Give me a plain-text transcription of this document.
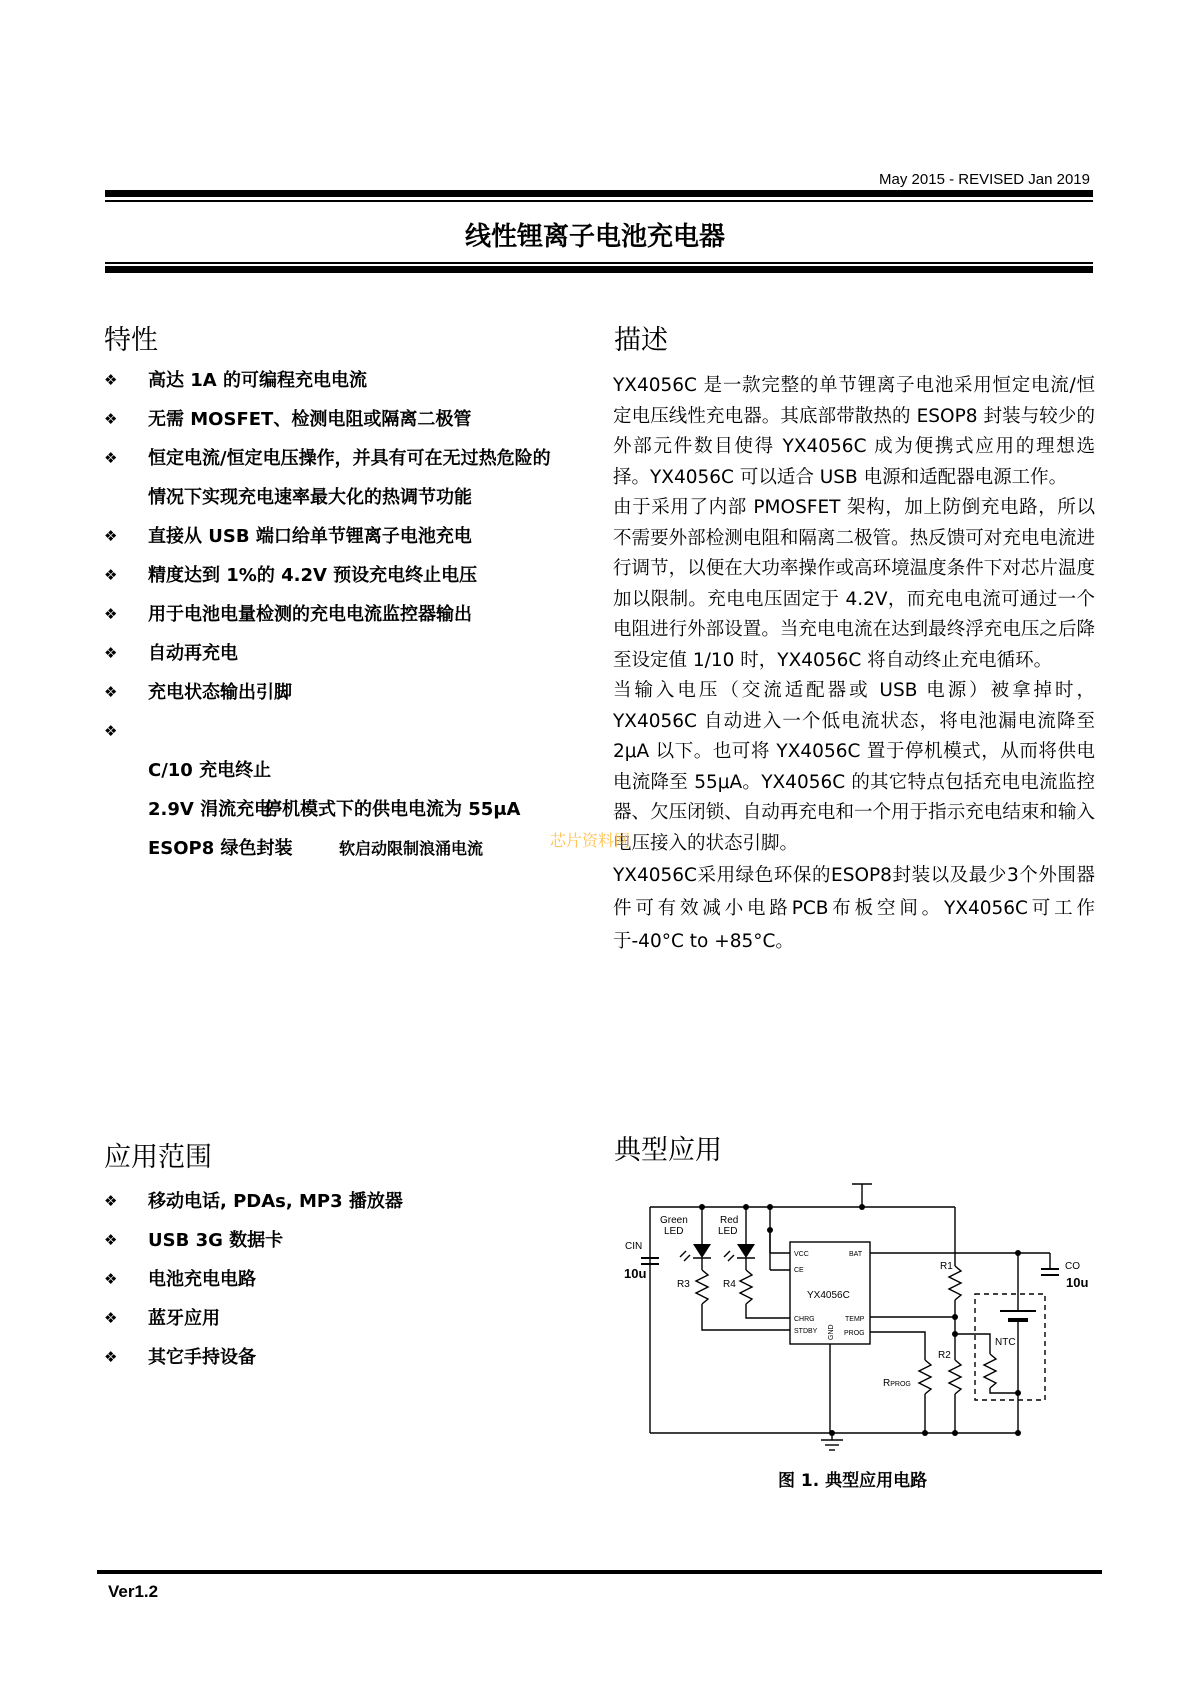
May 2015 - REVISED Jan 2019
线性锂离子电池充电器
特性
❖ 高达 1A 的可编程充电电流
❖ 无需 MOSFET、检测电阻或隔离二极管
❖ 恒定电流/恒定电压操作，并具有可在无过热危险的
情况下实现充电速率最大化的热调节功能
❖ 直接从 USB 端口给单节锂离子电池充电
❖ 精度达到 1%的 4.2V 预设充电终止电压
❖ 用于电池电量检测的充电电流监控器输出
❖ 自动再充电
❖ 充电状态输出引脚
❖
C/10 充电终止
2.9V 涓流充电
停机模式下的供电电流为 55μA
ESOP8 绿色封装	软启动限制浪涌电流
描述

YX4056C 是一款完整的单节锂离子电池采用恒定电流/恒定电压线性充电器。其底部带散热的 ESOP8 封装与较少的外部元件数目使得 YX4056C 成为便携式应用的理想选择。YX4056C 可以适合 USB 电源和适配器电源工作。

由于采用了内部 PMOSFET 架构，加上防倒充电路，所以不需要外部检测电阻和隔离二极管。热反馈可对充电电流进行调节，以便在大功率操作或高环境温度条件下对芯片温度加以限制。充电电压固定于 4.2V，而充电电流可通过一个电阻进行外部设置。当充电电流在达到最终浮充电压之后降至设定值 1/10 时，YX4056C 将自动终止充电循环。

当输入电压（交流适配器或 USB 电源）被拿掉时，YX4056C 自动进入一个低电流状态，将电池漏电流降至 2μA 以下。也可将 YX4056C 置于停机模式，从而将供电电流降至 55μA。YX4056C 的其它特点包括充电电流监控器、欠压闭锁、自动再充电和一个用于指示充电结束和输入电压接入的状态引脚。

YX4056C采用绿色环保的ESOP8封装以及最少3个外围器件可有效减小电路PCB布板空间。YX4056C可工作于-40°C to +85°C。

芯片资料网
应用范围
❖ 移动电话, PDAs, MP3 播放器
❖ USB 3G 数据卡
❖ 电池充电电路
❖ 蓝牙应用
❖ 其它手持设备
典型应用
Green
LED
Red
LED
CIN
10u
R3	R4
R1
R2
RPROG
NTC
CO
10u
YX4056C
VCC
CE
BAT
CHRG
STDBY
TEMP
PROG
GND
图 1. 典型应用电路
Ver1.2
